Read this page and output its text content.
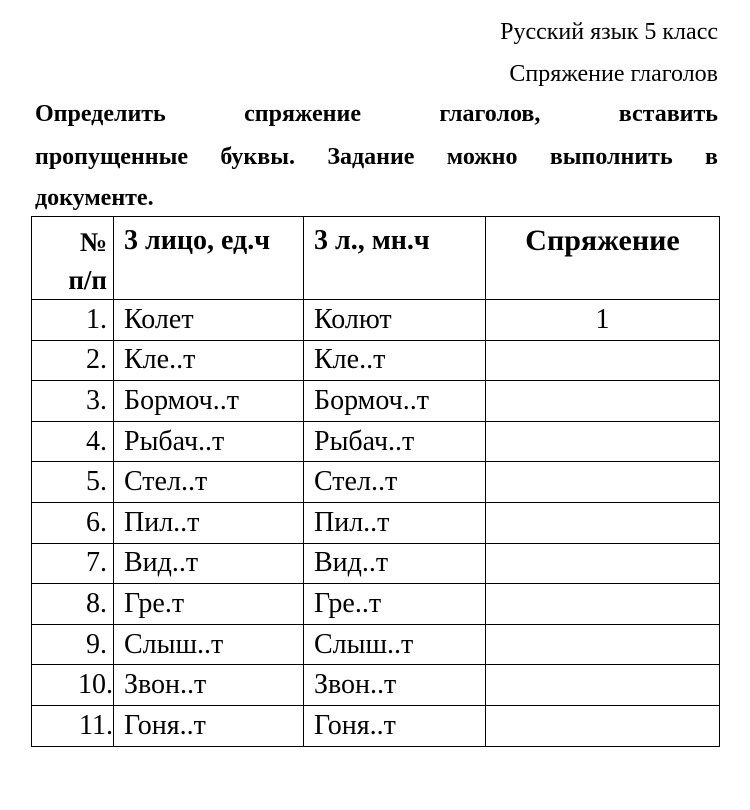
Русский язык 5 класс
Спряжение глаголов
Определить	спряжение	глаголов,	вставить
пропущенные буквы. Задание можно выполнить в
документе.
№
п/п	3 лицо, ед.ч	3 л., мн.ч	Спряжение
1.	Колет	Колют	1
2.	Кле..т	Кле..т	
3.	Бормоч..т	Бормоч..т	
4.	Рыбач..т	Рыбач..т	
5.	Стел..т	Стел..т	
6.	Пил..т	Пил..т	
7.	Вид..т	Вид..т	
8.	Гре.т	Гре..т	
9.	Слыш..т	Слыш..т	
10.	Звон..т	Звон..т	
11.	Гоня..т	Гоня..т	
